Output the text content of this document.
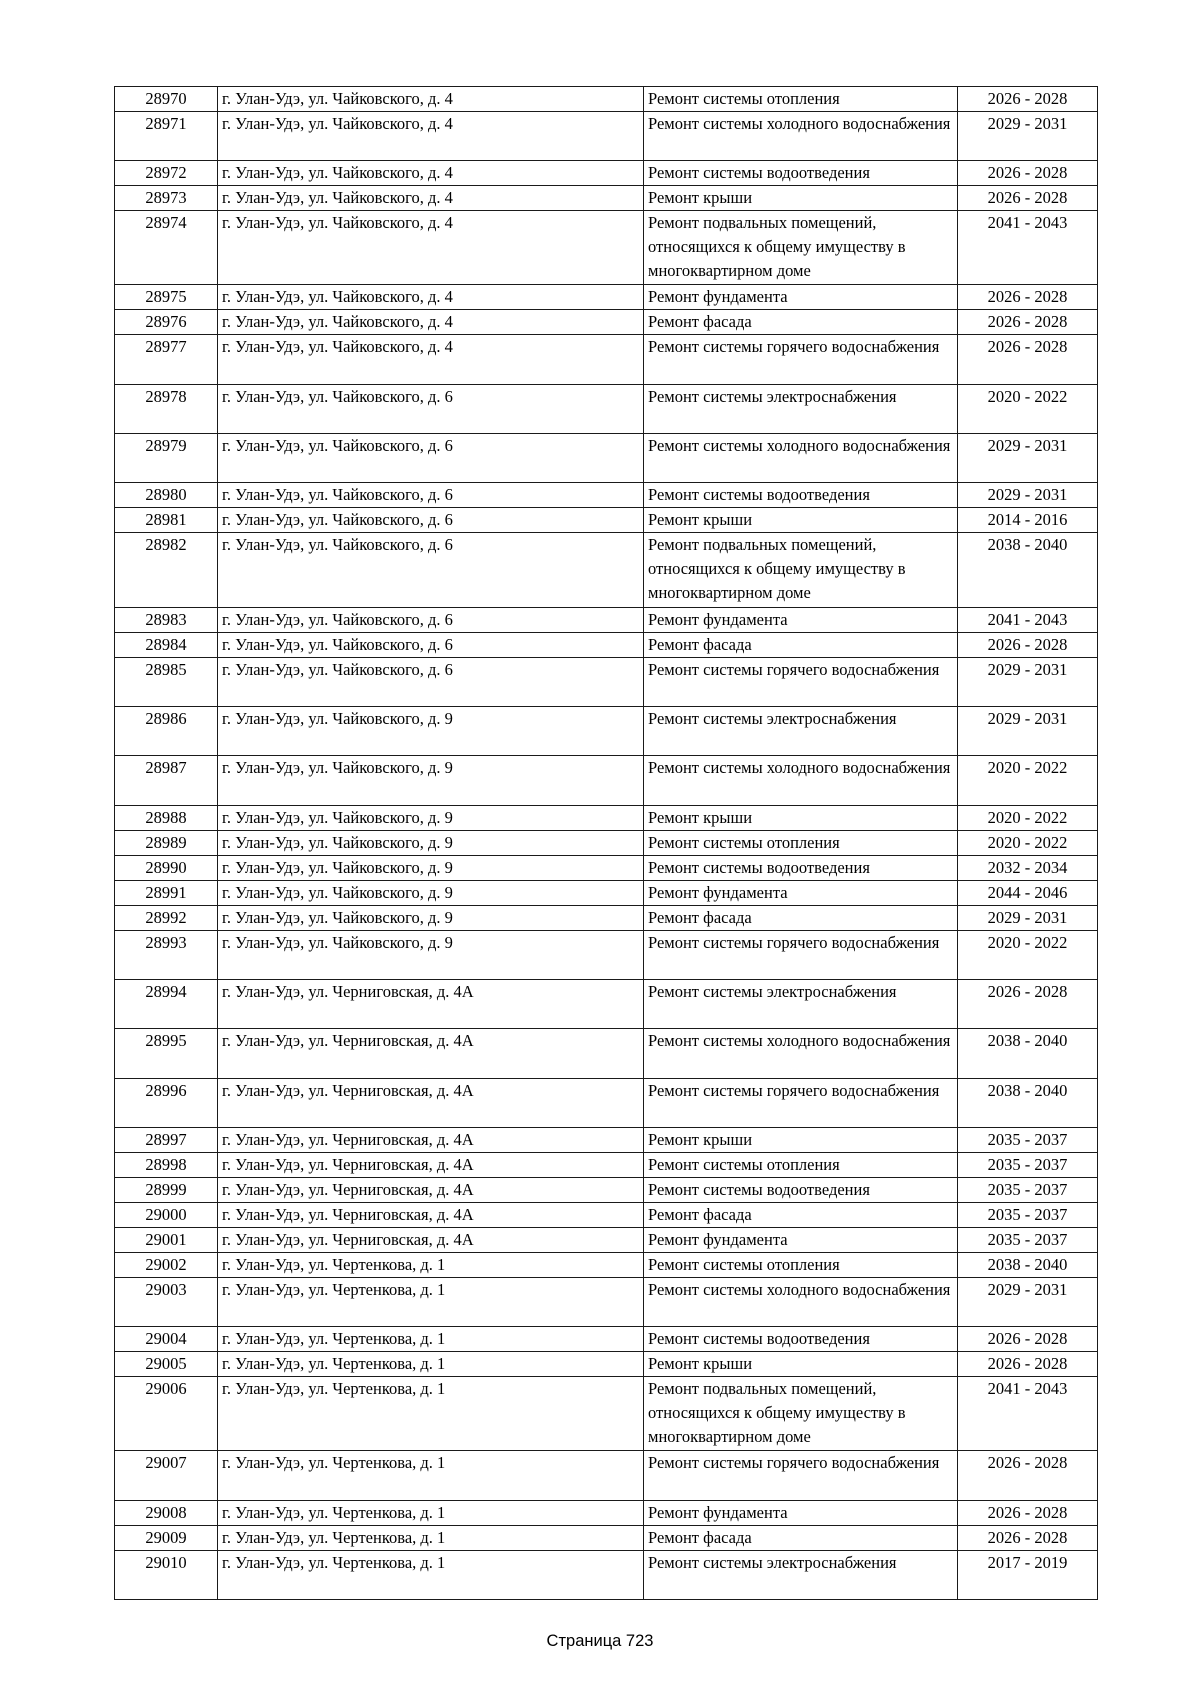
28970	г. Улан-Удэ, ул. Чайковского, д. 4	Ремонт системы отопления	2026 - 2028
28971	г. Улан-Удэ, ул. Чайковского, д. 4	Ремонт системы холодного водоснабжения	2029 - 2031
28972	г. Улан-Удэ, ул. Чайковского, д. 4	Ремонт системы водоотведения	2026 - 2028
28973	г. Улан-Удэ, ул. Чайковского, д. 4	Ремонт крыши	2026 - 2028
28974	г. Улан-Удэ, ул. Чайковского, д. 4	Ремонт подвальных помещений, относящихся к общему имуществу в многоквартирном доме	2041 - 2043
28975	г. Улан-Удэ, ул. Чайковского, д. 4	Ремонт фундамента	2026 - 2028
28976	г. Улан-Удэ, ул. Чайковского, д. 4	Ремонт фасада	2026 - 2028
28977	г. Улан-Удэ, ул. Чайковского, д. 4	Ремонт системы горячего водоснабжения	2026 - 2028
28978	г. Улан-Удэ, ул. Чайковского, д. 6	Ремонт системы электроснабжения	2020 - 2022
28979	г. Улан-Удэ, ул. Чайковского, д. 6	Ремонт системы холодного водоснабжения	2029 - 2031
28980	г. Улан-Удэ, ул. Чайковского, д. 6	Ремонт системы водоотведения	2029 - 2031
28981	г. Улан-Удэ, ул. Чайковского, д. 6	Ремонт крыши	2014 - 2016
28982	г. Улан-Удэ, ул. Чайковского, д. 6	Ремонт подвальных помещений, относящихся к общему имуществу в многоквартирном доме	2038 - 2040
28983	г. Улан-Удэ, ул. Чайковского, д. 6	Ремонт фундамента	2041 - 2043
28984	г. Улан-Удэ, ул. Чайковского, д. 6	Ремонт фасада	2026 - 2028
28985	г. Улан-Удэ, ул. Чайковского, д. 6	Ремонт системы горячего водоснабжения	2029 - 2031
28986	г. Улан-Удэ, ул. Чайковского, д. 9	Ремонт системы электроснабжения	2029 - 2031
28987	г. Улан-Удэ, ул. Чайковского, д. 9	Ремонт системы холодного водоснабжения	2020 - 2022
28988	г. Улан-Удэ, ул. Чайковского, д. 9	Ремонт крыши	2020 - 2022
28989	г. Улан-Удэ, ул. Чайковского, д. 9	Ремонт системы отопления	2020 - 2022
28990	г. Улан-Удэ, ул. Чайковского, д. 9	Ремонт системы водоотведения	2032 - 2034
28991	г. Улан-Удэ, ул. Чайковского, д. 9	Ремонт фундамента	2044 - 2046
28992	г. Улан-Удэ, ул. Чайковского, д. 9	Ремонт фасада	2029 - 2031
28993	г. Улан-Удэ, ул. Чайковского, д. 9	Ремонт системы горячего водоснабжения	2020 - 2022
28994	г. Улан-Удэ, ул. Черниговская, д. 4А	Ремонт системы электроснабжения	2026 - 2028
28995	г. Улан-Удэ, ул. Черниговская, д. 4А	Ремонт системы холодного водоснабжения	2038 - 2040
28996	г. Улан-Удэ, ул. Черниговская, д. 4А	Ремонт системы горячего водоснабжения	2038 - 2040
28997	г. Улан-Удэ, ул. Черниговская, д. 4А	Ремонт крыши	2035 - 2037
28998	г. Улан-Удэ, ул. Черниговская, д. 4А	Ремонт системы отопления	2035 - 2037
28999	г. Улан-Удэ, ул. Черниговская, д. 4А	Ремонт системы водоотведения	2035 - 2037
29000	г. Улан-Удэ, ул. Черниговская, д. 4А	Ремонт фасада	2035 - 2037
29001	г. Улан-Удэ, ул. Черниговская, д. 4А	Ремонт фундамента	2035 - 2037
29002	г. Улан-Удэ, ул. Чертенкова, д. 1	Ремонт системы отопления	2038 - 2040
29003	г. Улан-Удэ, ул. Чертенкова, д. 1	Ремонт системы холодного водоснабжения	2029 - 2031
29004	г. Улан-Удэ, ул. Чертенкова, д. 1	Ремонт системы водоотведения	2026 - 2028
29005	г. Улан-Удэ, ул. Чертенкова, д. 1	Ремонт крыши	2026 - 2028
29006	г. Улан-Удэ, ул. Чертенкова, д. 1	Ремонт подвальных помещений, относящихся к общему имуществу в многоквартирном доме	2041 - 2043
29007	г. Улан-Удэ, ул. Чертенкова, д. 1	Ремонт системы горячего водоснабжения	2026 - 2028
29008	г. Улан-Удэ, ул. Чертенкова, д. 1	Ремонт фундамента	2026 - 2028
29009	г. Улан-Удэ, ул. Чертенкова, д. 1	Ремонт фасада	2026 - 2028
29010	г. Улан-Удэ, ул. Чертенкова, д. 1	Ремонт системы электроснабжения	2017 - 2019
Страница 723
